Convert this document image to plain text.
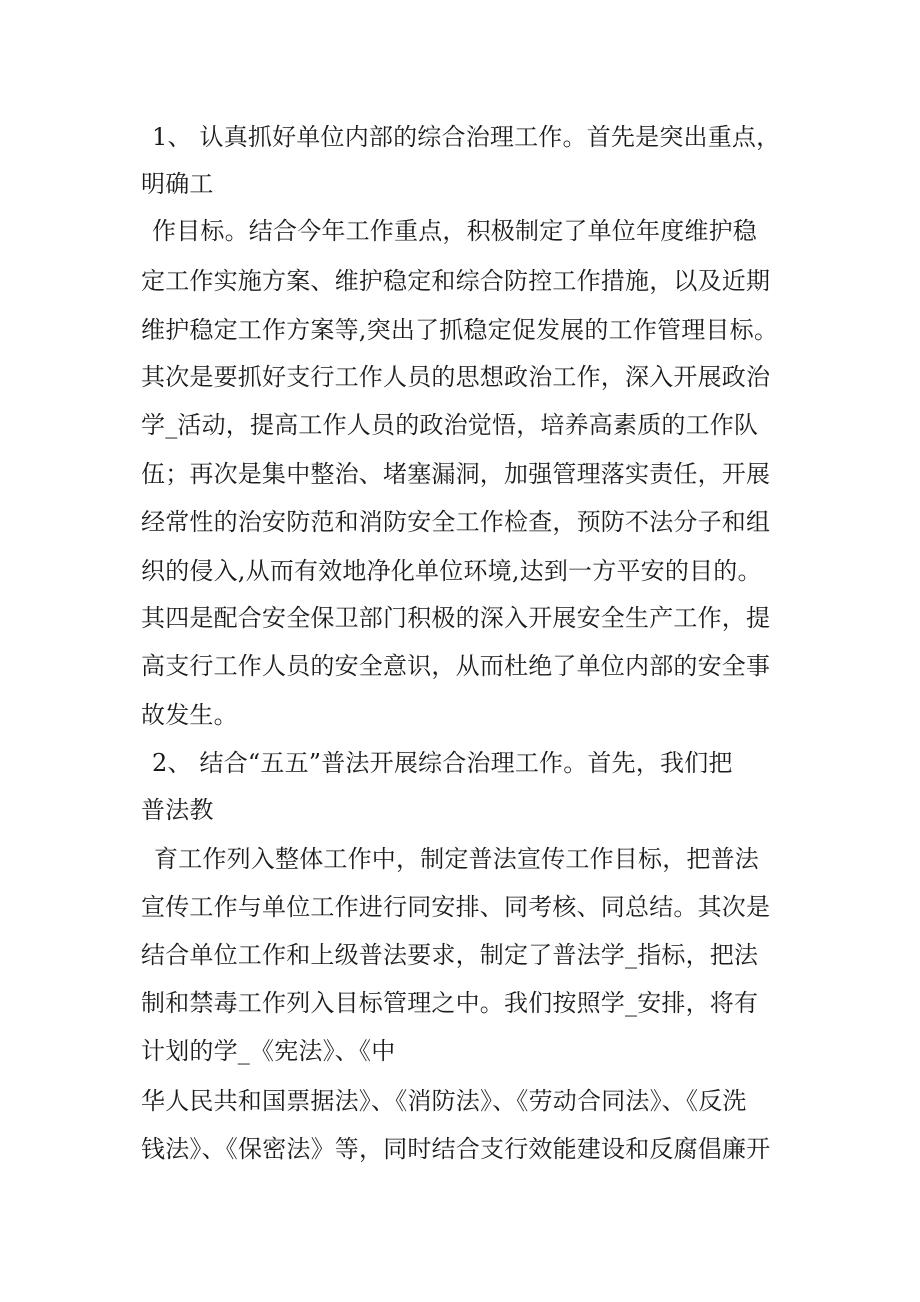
1、 认真抓好单位内部的综合治理工作。首先是突出重点，
明确工
作目标。结合今年工作重点，积极制定了单位年度维护稳
定工作实施方案、维护稳定和综合防控工作措施，以及近期
维护稳定工作方案等,突出了抓稳定促发展的工作管理目标。
其次是要抓好支行工作人员的思想政治工作，深入开展政治
学_活动，提高工作人员的政治觉悟，培养高素质的工作队
伍；再次是集中整治、堵塞漏洞，加强管理落实责任，开展
经常性的治安防范和消防安全工作检查，预防不法分子和组
织的侵入,从而有效地净化单位环境,达到一方平安的目的。
其四是配合安全保卫部门积极的深入开展安全生产工作，提
高支行工作人员的安全意识，从而杜绝了单位内部的安全事
故发生。
2、 结合“五五”普法开展综合治理工作。首先，我们把
普法教
育工作列入整体工作中，制定普法宣传工作目标，把普法
宣传工作与单位工作进行同安排、同考核、同总结。其次是
结合单位工作和上级普法要求，制定了普法学_指标，把法
制和禁毒工作列入目标管理之中。我们按照学_安排，将有
计划的学_《宪法》、《中
华人民共和国票据法》、《消防法》、《劳动合同法》、《反洗
钱法》、《保密法》等，同时结合支行效能建设和反腐倡廉开
